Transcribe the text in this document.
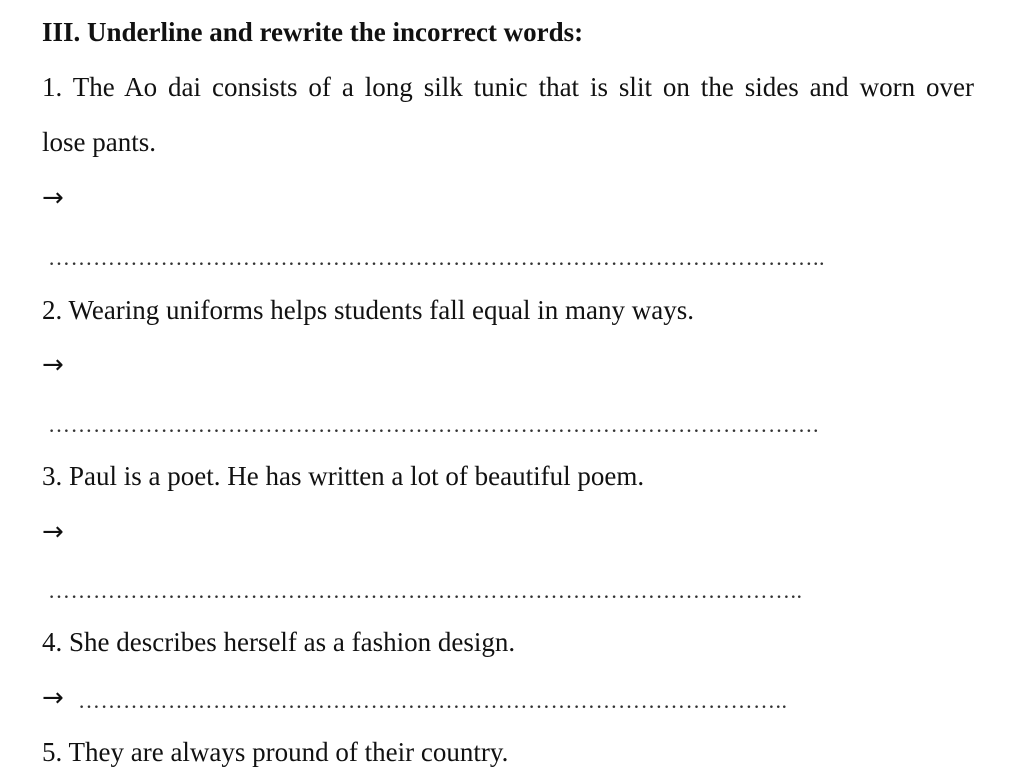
III. Underline and rewrite the incorrect words:
1. The Ao dai consists of a long silk tunic that is slit on the sides and worn over
lose pants.
→
…………………………………………………………………………………………..
2. Wearing uniforms helps students fall equal in many ways.
→
………………………………………………………………………………………….
3. Paul is a poet. He has written a lot of beautiful poem.
→
………………………………………………………………………………………..
4. She describes herself as a fashion design.
→ …………………………………………………………………………………..
5. They are always pround of their country.
